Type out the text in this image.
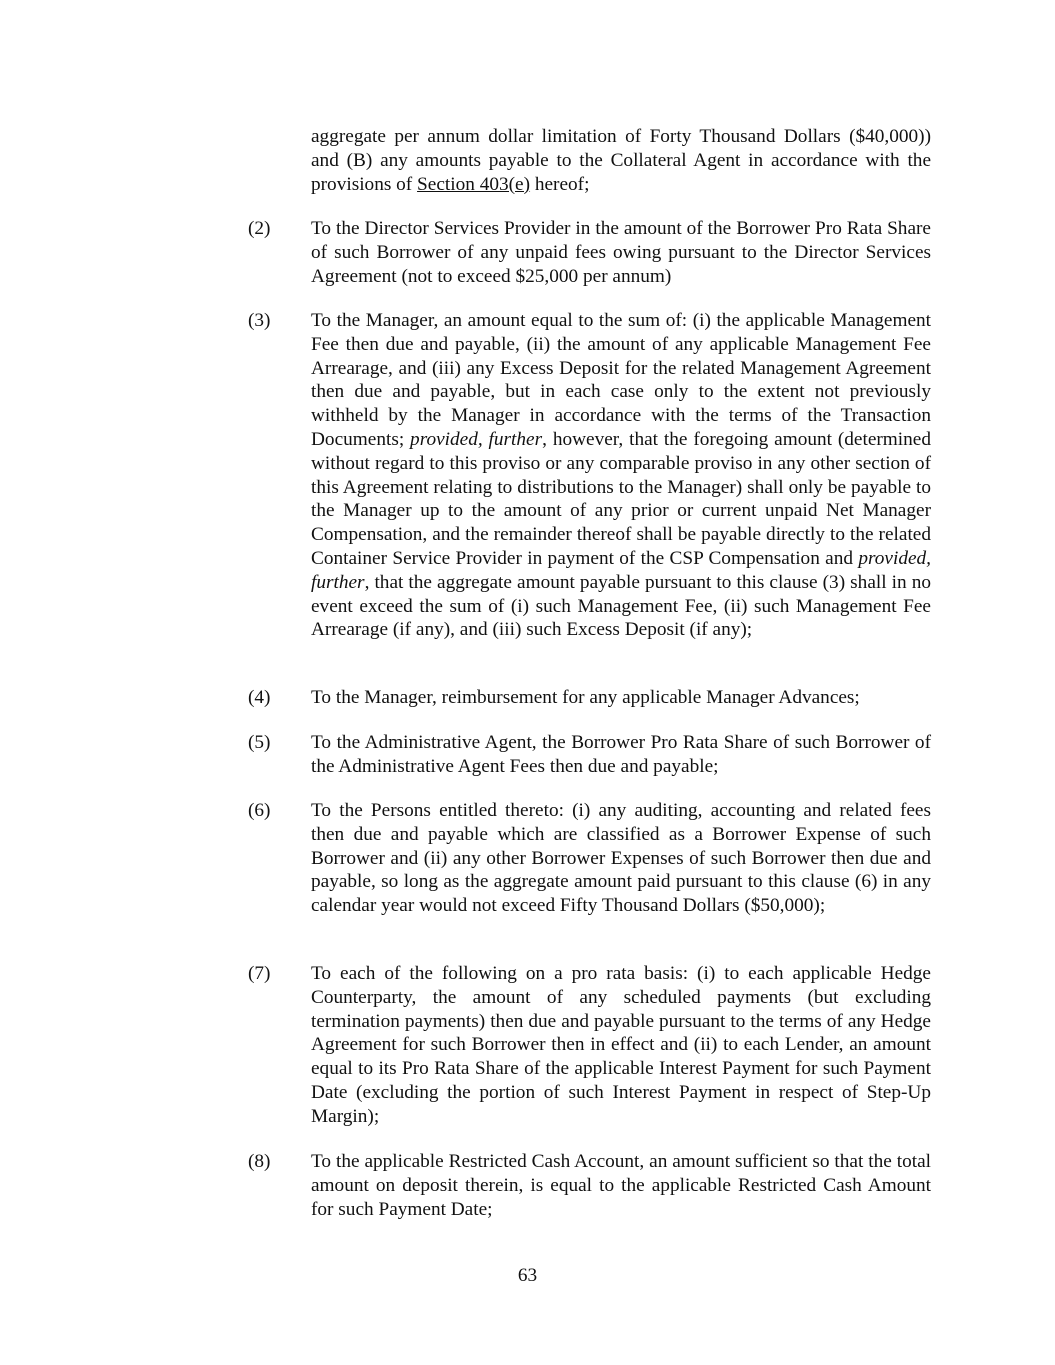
aggregate per annum dollar limitation of Forty Thousand Dollars ($40,000)) and (B) any amounts payable to the Collateral Agent in accordance with the provisions of Section 403(e) hereof;

(2)	To the Director Services Provider in the amount of the Borrower Pro Rata Share of such Borrower of any unpaid fees owing pursuant to the Director Services Agreement (not to exceed $25,000 per annum)

(3)	To the Manager, an amount equal to the sum of: (i) the applicable Management Fee then due and payable, (ii) the amount of any applicable Management Fee Arrearage, and (iii) any Excess Deposit for the related Management Agreement then due and payable, but in each case only to the extent not previously withheld by the Manager in accordance with the terms of the Transaction Documents; provided, further, however, that the foregoing amount (determined without regard to this proviso or any comparable proviso in any other section of this Agreement relating to distributions to the Manager) shall only be payable to the Manager up to the amount of any prior or current unpaid Net Manager Compensation, and the remainder thereof shall be payable directly to the related Container Service Provider in payment of the CSP Compensation and provided, further, that the aggregate amount payable pursuant to this clause (3) shall in no event exceed the sum of (i) such Management Fee, (ii) such Management Fee Arrearage (if any), and (iii) such Excess Deposit (if any);

(4)	To the Manager, reimbursement for any applicable Manager Advances;

(5)	To the Administrative Agent, the Borrower Pro Rata Share of such Borrower of the Administrative Agent Fees then due and payable;

(6)	To the Persons entitled thereto: (i) any auditing, accounting and related fees then due and payable which are classified as a Borrower Expense of such Borrower and (ii) any other Borrower Expenses of such Borrower then due and payable, so long as the aggregate amount paid pursuant to this clause (6) in any calendar year would not exceed Fifty Thousand Dollars ($50,000);

(7)	To each of the following on a pro rata basis: (i) to each applicable Hedge Counterparty, the amount of any scheduled payments (but excluding termination payments) then due and payable pursuant to the terms of any Hedge Agreement for such Borrower then in effect and (ii) to each Lender, an amount equal to its Pro Rata Share of the applicable Interest Payment for such Payment Date (excluding the portion of such Interest Payment in respect of Step-Up Margin);

(8)	To the applicable Restricted Cash Account, an amount sufficient so that the total amount on deposit therein, is equal to the applicable Restricted Cash Amount for such Payment Date;

63
